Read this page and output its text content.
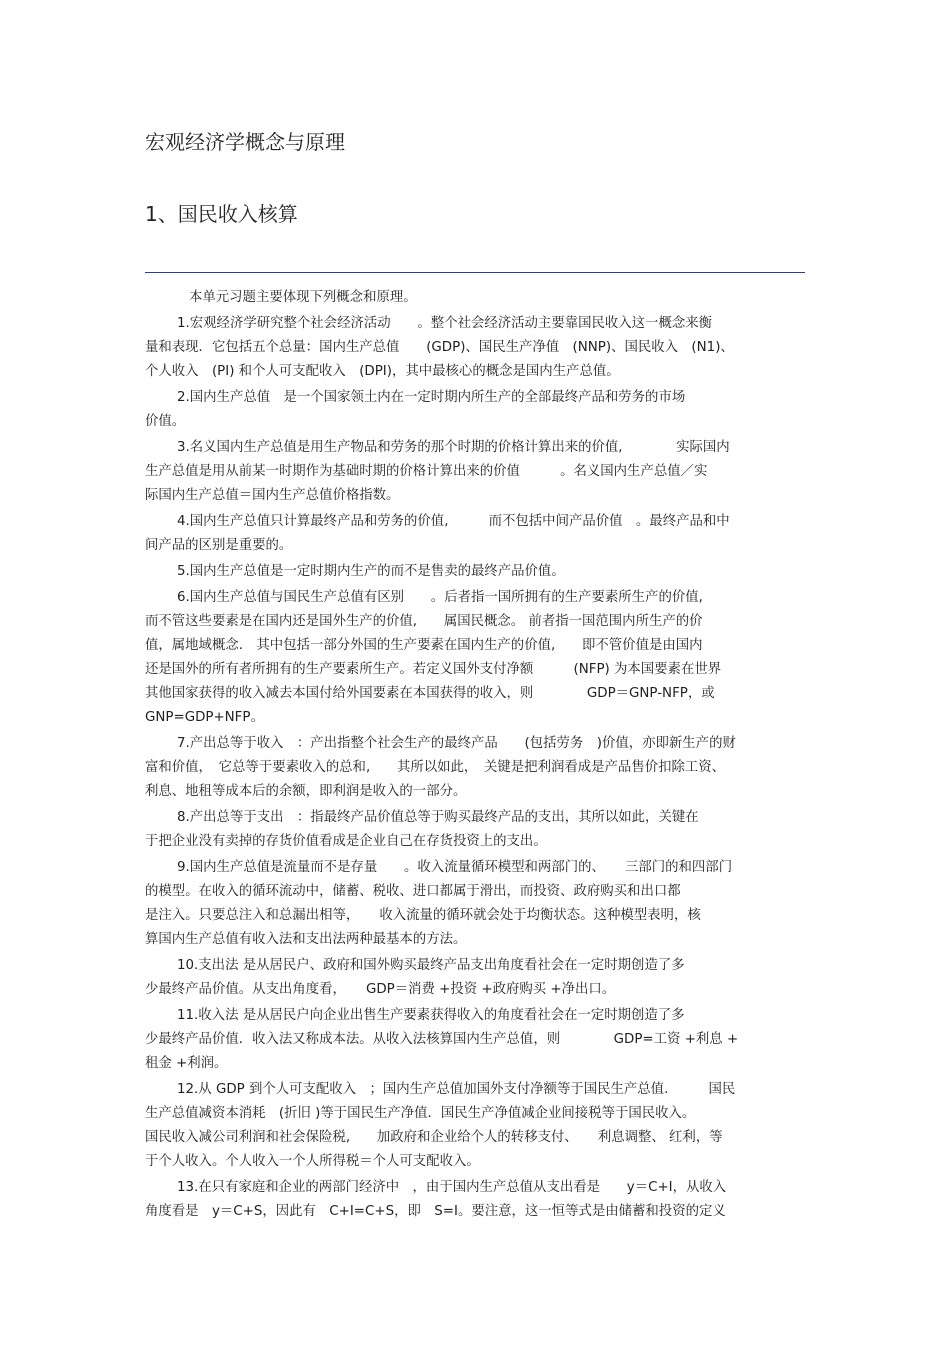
宏观经济学概念与原理
1、国民收入核算
本单元习题主要体现下列概念和原理。
1.宏观经济学研究整个社会经济活动　　。整个社会经济活动主要靠国民收入这一概念来衡
量和表现．它包括五个总量：国内生产总值　　(GDP)、国民生产净值　(NNP)、国民收入　(N1)、
个人收入　(PI) 和个人可支配收入　(DPI)，其中最核心的概念是国内生产总值。
2.国内生产总值　是一个国家领土内在一定时期内所生产的全部最终产品和劳务的市场
价值。
3.名义国内生产总值是用生产物品和劳务的那个时期的价格计算出来的价值,　　　　实际国内
生产总值是用从前某一时期作为基础时期的价格计算出来的价值　　　。名义国内生产总值／实
际国内生产总值＝国内生产总值价格指数。
4.国内生产总值只计算最终产品和劳务的价值,　　　而不包括中间产品价值　。最终产品和中
间产品的区别是重要的。
5.国内生产总值是一定时期内生产的而不是售卖的最终产品价值。
6.国内生产总值与国民生产总值有区别　　。后者指一国所拥有的生产要素所生产的价值,
而不管这些要素是在国内还是国外生产的价值,　　属国民概念。 前者指一国范围内所生产的价
值，属地域概念.　其中包括一部分外国的生产要素在国内生产的价值,　　即不管价值是由国内
还是国外的所有者所拥有的生产要素所生产。若定义国外支付净额　　　(NFP) 为本国要素在世界
其他国家获得的收入减去本国付给外国要素在本国获得的收入，则　　　　GDP＝GNP-NFP，或
GNP=GDP+NFP。
7.产出总等于收入　：产出指整个社会生产的最终产品　　(包括劳务　)价值，亦即新生产的财
富和价值，　它总等于要素收入的总和,　　其所以如此，　关键是把利润看成是产品售价扣除工资、
利息、地租等成本后的余额，即利润是收入的一部分。
8.产出总等于支出　：指最终产品价值总等于购买最终产品的支出，其所以如此，关键在
于把企业没有卖掉的存货价值看成是企业自己在存货投资上的支出。
9.国内生产总值是流量而不是存量　　。收入流量循环模型和两部门的、　　三部门的和四部门
的模型。在收入的循环流动中，储蓄、税收、进口都属于滑出，而投资、政府购买和出口都
是注入。只要总注入和总漏出相等，　　收入流量的循环就会处于均衡状态。这种模型表明，核
算国内生产总值有收入法和支出法两种最基本的方法。
10.支出法 是从居民户、政府和国外购买最终产品支出角度看社会在一定时期创造了多
少最终产品价值。从支出角度看，　　GDP＝消费 +投资 +政府购买 +净出口。
11.收入法 是从居民户向企业出售生产要素获得收入的角度看社会在一定时期创造了多
少最终产品价值．收入法又称成本法。从收入法核算国内生产总值，则　　　　GDP=工资 +利息 +
租金 +利润。
12.从 GDP 到个人可支配收入　；国内生产总值加国外支付净额等于国民生产总值.　　　国民
生产总值减资本消耗　(折旧 )等于国民生产净值．国民生产净值减企业间接税等于国民收入。
国民收入减公司利润和社会保险税,　　加政府和企业给个人的转移支付、　　利息调整、 红利，等
于个人收入。个人收入一个人所得税＝个人可支配收入。
13.在只有家庭和企业的两部门经济中　，由于国内生产总值从支出看是　　y＝C+I，从收入
角度看是　y＝C+S，因此有　C+I=C+S，即　S=I。要注意，这一恒等式是由储蓄和投资的定义
